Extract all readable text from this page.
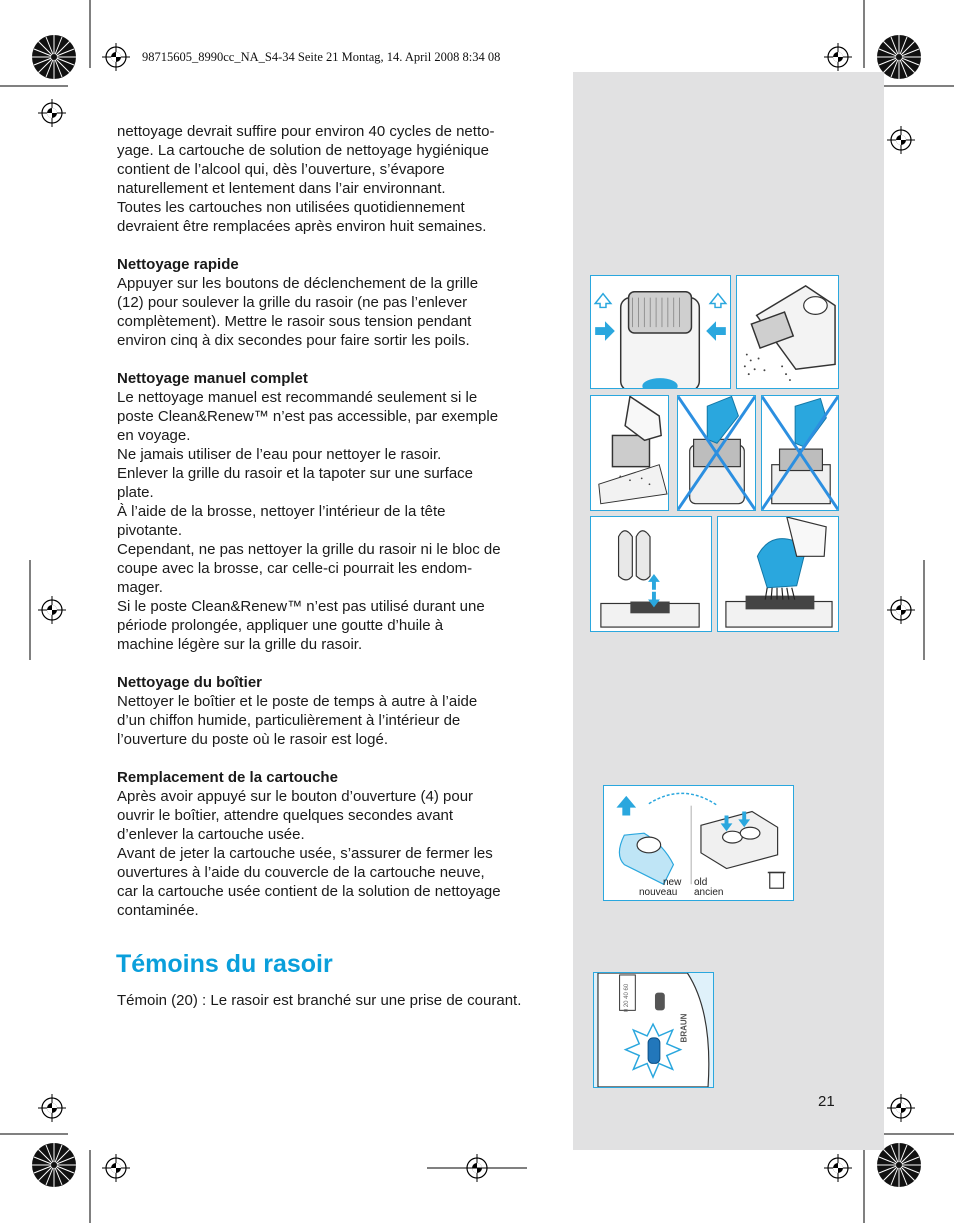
98715605_8990cc_NA_S4-34 Seite 21 Montag, 14. April 2008 8:34 08

nettoyage devrait suffire pour environ 40 cycles de netto-
yage. La cartouche de solution de nettoyage hygiénique
contient de l’alcool qui, dès l’ouverture, s’évapore
naturellement et lentement dans l’air environnant.
Toutes les cartouches non utilisées quotidiennement
devraient être remplacées après environ huit semaines.

Nettoyage rapide
Appuyer sur les boutons de déclenchement de la grille
(12) pour soulever la grille du rasoir (ne pas l’enlever
complètement). Mettre le rasoir sous tension pendant
environ cinq à dix secondes pour faire sortir les poils.

Nettoyage manuel complet
Le nettoyage manuel est recommandé seulement si le
poste Clean&Renew™ n’est pas accessible, par exemple
en voyage.
Ne jamais utiliser de l’eau pour nettoyer le rasoir.
Enlever la grille du rasoir et la tapoter sur une surface
plate.
À l’aide de la brosse, nettoyer l’intérieur de la tête
pivotante.
Cependant, ne pas nettoyer la grille du rasoir ni le bloc de
coupe avec la brosse, car celle-ci pourrait les endom-
mager.
Si le poste Clean&Renew™ n’est pas utilisé durant une
période prolongée, appliquer une goutte d’huile à
machine légère sur la grille du rasoir.

Nettoyage du boîtier
Nettoyer le boîtier et le poste de temps à autre à l’aide
d’un chiffon humide, particulièrement à l’intérieur de
l’ouverture du poste où le rasoir est logé.

Remplacement de la cartouche
Après avoir appuyé sur le bouton d’ouverture (4) pour
ouvrir le boîtier, attendre quelques secondes avant
d’enlever la cartouche usée.
Avant de jeter la cartouche usée, s’assurer de fermer les
ouvertures à l’aide du couvercle de la cartouche neuve,
car la cartouche usée contient de la solution de nettoyage
contaminée.

Témoins du rasoir

Témoin (20) : Le rasoir est branché sur une prise de courant.

21
new
nouveau
old
ancien
0 20 40 60
BRAUN
